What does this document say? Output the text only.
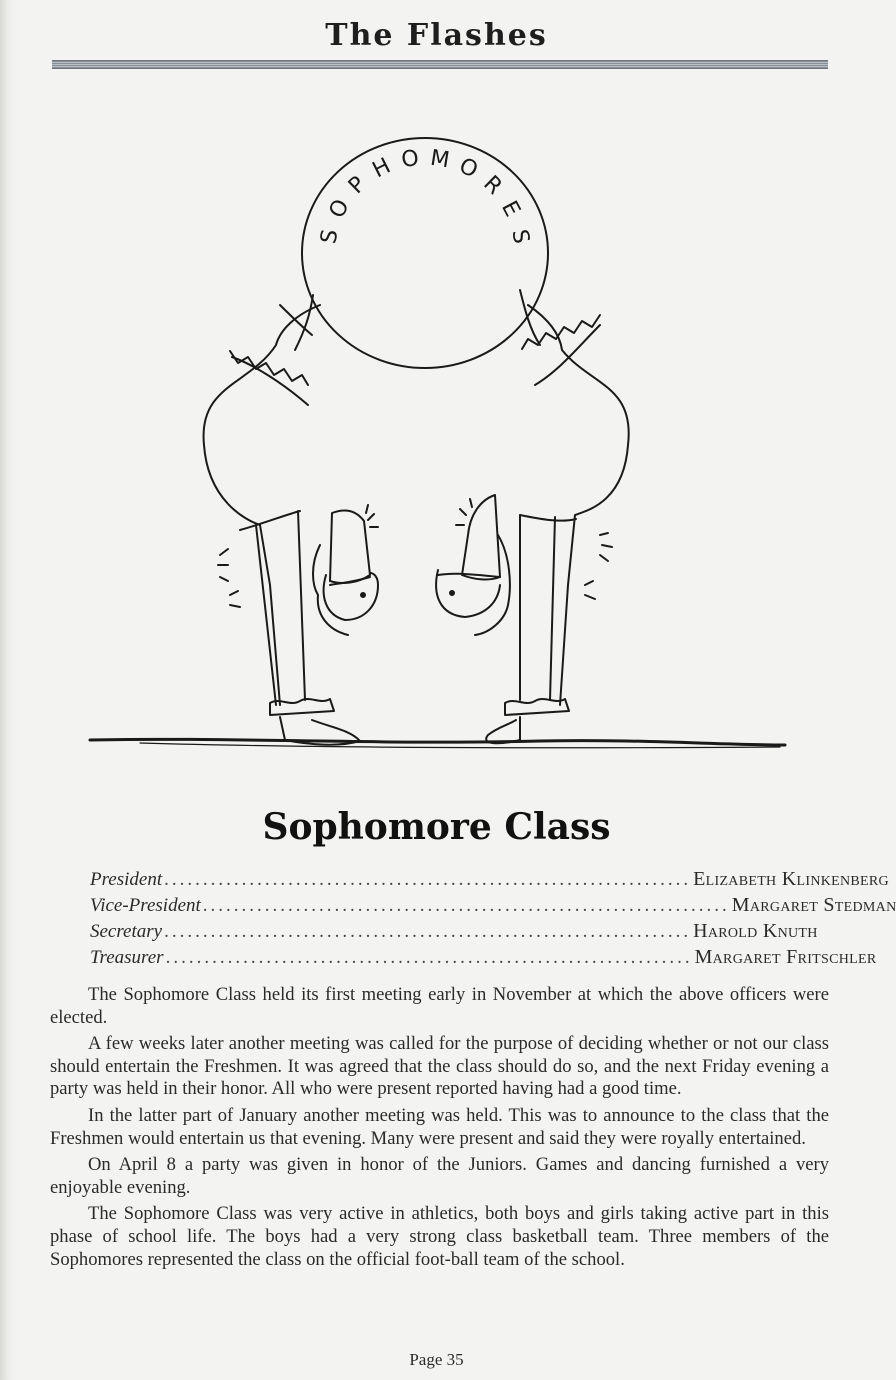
The Flashes
S
O
P
H O M O
R
E
S
Sophomore Class
President .................................................................... Elizabeth Klinkenberg
Vice-President .................................................................... Margaret Stedman
Secretary .................................................................... Harold Knuth
Treasurer .................................................................... Margaret Fritschler

The Sophomore Class held its first meeting early in November at which the above officers were elected.

A few weeks later another meeting was called for the purpose of deciding whether or not our class should entertain the Freshmen. It was agreed that the class should do so, and the next Friday evening a party was held in their honor. All who were present reported having had a good time.

In the latter part of January another meeting was held. This was to announce to the class that the Freshmen would entertain us that evening. Many were present and said they were royally entertained.

On April 8 a party was given in honor of the Juniors. Games and dancing furnished a very enjoyable evening.

The Sophomore Class was very active in athletics, both boys and girls taking active part in this phase of school life. The boys had a very strong class basketball team. Three members of the Sophomores represented the class on the official foot-ball team of the school.

Page 35
